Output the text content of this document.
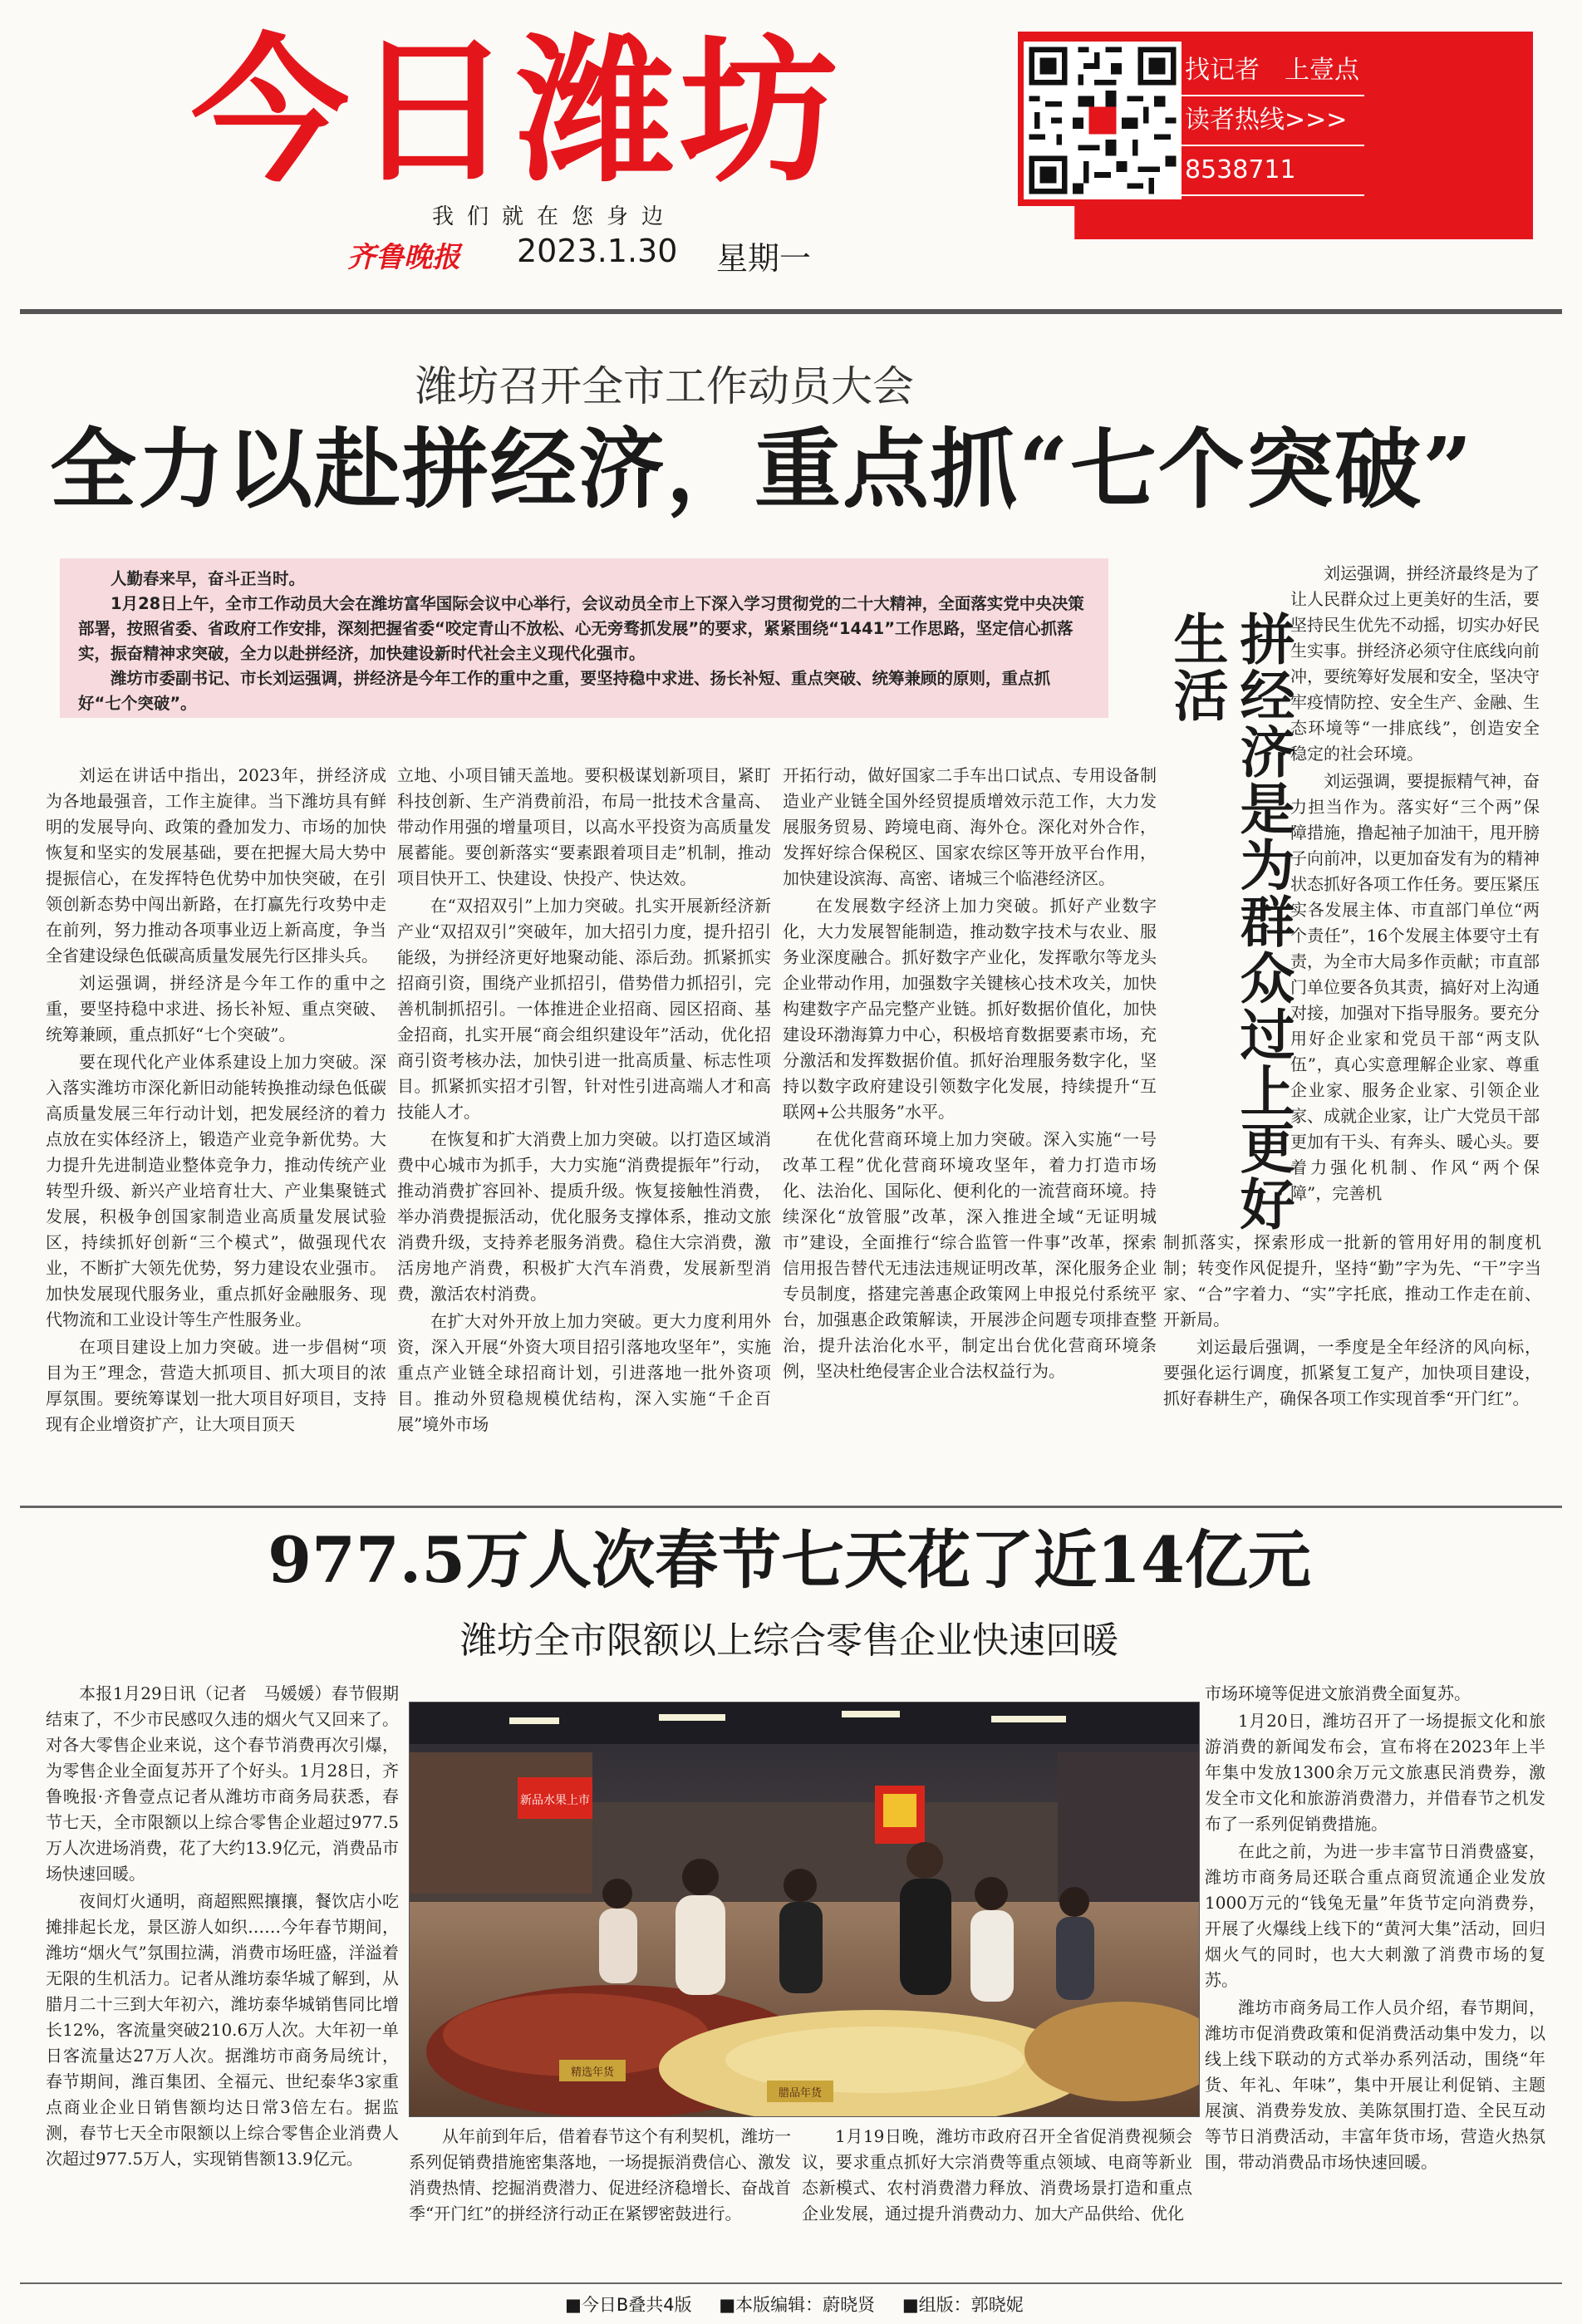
今日潍坊
我们就在您身边
齐鲁晚报 2023.1.30 星期一
找记者　上壹点
读者热线>>>
8538711
潍坊召开全市工作动员大会
全力以赴拼经济，重点抓“七个突破”

人勤春来早，奋斗正当时。

1月28日上午，全市工作动员大会在潍坊富华国际会议中心举行，会议动员全市上下深入学习贯彻党的二十大精神，全面落实党中央决策部署，按照省委、省政府工作安排，深刻把握省委“咬定青山不放松、心无旁骛抓发展”的要求，紧紧围绕“1441”工作思路，坚定信心抓落实，振奋精神求突破，全力以赴拼经济，加快建设新时代社会主义现代化强市。

潍坊市委副书记、市长刘运强调，拼经济是今年工作的重中之重，要坚持稳中求进、扬长补短、重点突破、统筹兼顾的原则，重点抓好“七个突破”。	拼经济是为群众过上更好生活

刘运在讲话中指出，2023年，拼经济成为各地最强音，工作主旋律。当下潍坊具有鲜明的发展导向、政策的叠加发力、市场的加快恢复和坚实的发展基础，要在把握大局大势中提振信心，在发挥特色优势中加快突破，在引领创新态势中闯出新路，在打赢先行攻势中走在前列，努力推动各项事业迈上新高度，争当全省建设绿色低碳高质量发展先行区排头兵。

刘运强调，拼经济是今年工作的重中之重，要坚持稳中求进、扬长补短、重点突破、统筹兼顾，重点抓好“七个突破”。

要在现代化产业体系建设上加力突破。深入落实潍坊市深化新旧动能转换推动绿色低碳高质量发展三年行动计划，把发展经济的着力点放在实体经济上，锻造产业竞争新优势。大力提升先进制造业整体竞争力，推动传统产业转型升级、新兴产业培育壮大、产业集聚链式发展，积极争创国家制造业高质量发展试验区，持续抓好创新“三个模式”，做强现代农业，不断扩大领先优势，努力建设农业强市。加快发展现代服务业，重点抓好金融服务、现代物流和工业设计等生产性服务业。

在项目建设上加力突破。进一步倡树“项目为王”理念，营造大抓项目、抓大项目的浓厚氛围。要统筹谋划一批大项目好项目，支持现有企业增资扩产，让大项目顶天

立地、小项目铺天盖地。要积极谋划新项目，紧盯科技创新、生产消费前沿，布局一批技术含量高、带动作用强的增量项目，以高水平投资为高质量发展蓄能。要创新落实“要素跟着项目走”机制，推动项目快开工、快建设、快投产、快达效。

在“双招双引”上加力突破。扎实开展新经济新产业“双招双引”突破年，加大招引力度，提升招引能级，为拼经济更好地聚动能、添后劲。抓紧抓实招商引资，围绕产业抓招引，借势借力抓招引，完善机制抓招引。一体推进企业招商、园区招商、基金招商，扎实开展“商会组织建设年”活动，优化招商引资考核办法，加快引进一批高质量、标志性项目。抓紧抓实招才引智，针对性引进高端人才和高技能人才。

在恢复和扩大消费上加力突破。以打造区域消费中心城市为抓手，大力实施“消费提振年”行动，推动消费扩容回补、提质升级。恢复接触性消费，举办消费提振活动，优化服务支撑体系，推动文旅消费升级，支持养老服务消费。稳住大宗消费，激活房地产消费，积极扩大汽车消费，发展新型消费，激活农村消费。

在扩大对外开放上加力突破。更大力度利用外资，深入开展“外资大项目招引落地攻坚年”，实施重点产业链全球招商计划，引进落地一批外资项目。推动外贸稳规模优结构，深入实施“千企百展”境外市场

开拓行动，做好国家二手车出口试点、专用设备制造业产业链全国外经贸提质增效示范工作，大力发展服务贸易、跨境电商、海外仓。深化对外合作，发挥好综合保税区、国家农综区等开放平台作用，加快建设滨海、高密、诸城三个临港经济区。

在发展数字经济上加力突破。抓好产业数字化，大力发展智能制造，推动数字技术与农业、服务业深度融合。抓好数字产业化，发挥歌尔等龙头企业带动作用，加强数字关键核心技术攻关，加快构建数字产品完整产业链。抓好数据价值化，加快建设环渤海算力中心，积极培育数据要素市场，充分激活和发挥数据价值。抓好治理服务数字化，坚持以数字政府建设引领数字化发展，持续提升“互联网+公共服务”水平。

在优化营商环境上加力突破。深入实施“一号改革工程”优化营商环境攻坚年，着力打造市场化、法治化、国际化、便利化的一流营商环境。持续深化“放管服”改革，深入推进全域“无证明城市”建设，全面推行“综合监管一件事”改革，探索信用报告替代无违法违规证明改革，深化服务企业专员制度，搭建完善惠企政策网上申报兑付系统平台，加强惠企政策解读，开展涉企问题专项排查整治，提升法治化水平，制定出台优化营商环境条例，坚决杜绝侵害企业合法权益行为。

刘运强调，拼经济最终是为了让人民群众过上更美好的生活，要坚持民生优先不动摇，切实办好民生实事。拼经济必须守住底线向前冲，要统筹好发展和安全，坚决守牢疫情防控、安全生产、金融、生态环境等“一排底线”，创造安全稳定的社会环境。

刘运强调，要提振精气神，奋力担当作为。落实好“三个两”保障措施，撸起袖子加油干，甩开膀子向前冲，以更加奋发有为的精神状态抓好各项工作任务。要压紧压实各发展主体、市直部门单位“两个责任”，16个发展主体要守土有责，为全市大局多作贡献；市直部门单位要各负其责，搞好对上沟通对接，加强对下指导服务。要充分用好企业家和党员干部“两支队伍”，真心实意理解企业家、尊重企业家、服务企业家、引领企业家、成就企业家，让广大党员干部更加有干头、有奔头、暖心头。要着力强化机制、作风“两个保障”，完善机

制抓落实，探索形成一批新的管用好用的制度机制；转变作风促提升，坚持“勤”字为先、“干”字当家、“合”字着力、“实”字托底，推动工作走在前、开新局。

刘运最后强调，一季度是全年经济的风向标，要强化运行调度，抓紧复工复产，加快项目建设，抓好春耕生产，确保各项工作实现首季“开门红”。

977.5万人次春节七天花了近14亿元
潍坊全市限额以上综合零售企业快速回暖

本报1月29日讯（记者　马媛媛）春节假期结束了，不少市民感叹久违的烟火气又回来了。对各大零售企业来说，这个春节消费再次引爆，为零售企业全面复苏开了个好头。1月28日，齐鲁晚报·齐鲁壹点记者从潍坊市商务局获悉，春节七天，全市限额以上综合零售企业超过977.5万人次进场消费，花了大约13.9亿元，消费品市场快速回暖。

夜间灯火通明，商超熙熙攘攘，餐饮店小吃摊排起长龙，景区游人如织……今年春节期间，潍坊“烟火气”氛围拉满，消费市场旺盛，洋溢着无限的生机活力。记者从潍坊泰华城了解到，从腊月二十三到大年初六，潍坊泰华城销售同比增长12%，客流量突破210.6万人次。大年初一单日客流量达27万人次。据潍坊市商务局统计，春节期间，潍百集团、全福元、世纪泰华3家重点商业企业日销售额均达日常3倍左右。据监测，春节七天全市限额以上综合零售企业消费人次超过977.5万人，实现销售额13.9亿元。

新品水果上市
精选年货
腊品年货

从年前到年后，借着春节这个有利契机，潍坊一系列促销费措施密集落地，一场提振消费信心、激发消费热情、挖掘消费潜力、促进经济稳增长、奋战首季“开门红”的拼经济行动正在紧锣密鼓进行。

1月19日晚，潍坊市政府召开全省促消费视频会议，要求重点抓好大宗消费等重点领域、电商等新业态新模式、农村消费潜力释放、消费场景打造和重点企业发展，通过提升消费动力、加大产品供给、优化

市场环境等促进文旅消费全面复苏。

1月20日，潍坊召开了一场提振文化和旅游消费的新闻发布会，宣布将在2023年上半年集中发放1300余万元文旅惠民消费券，激发全市文化和旅游消费潜力，并借春节之机发布了一系列促销费措施。

在此之前，为进一步丰富节日消费盛宴，潍坊市商务局还联合重点商贸流通企业发放1000万元的“钱兔无量”年货节定向消费券，开展了火爆线上线下的“黄河大集”活动，回归烟火气的同时，也大大刺激了消费市场的复苏。

潍坊市商务局工作人员介绍，春节期间，潍坊市促消费政策和促消费活动集中发力，以线上线下联动的方式举办系列活动，围绕“年货、年礼、年味”，集中开展让利促销、主题展演、消费券发放、美陈氛围打造、全民互动等节日消费活动，丰富年货市场，营造火热氛围，带动消费品市场快速回暖。

■今日B叠共4版 ■本版编辑：蔚晓贤 ■组版：郭晓妮
